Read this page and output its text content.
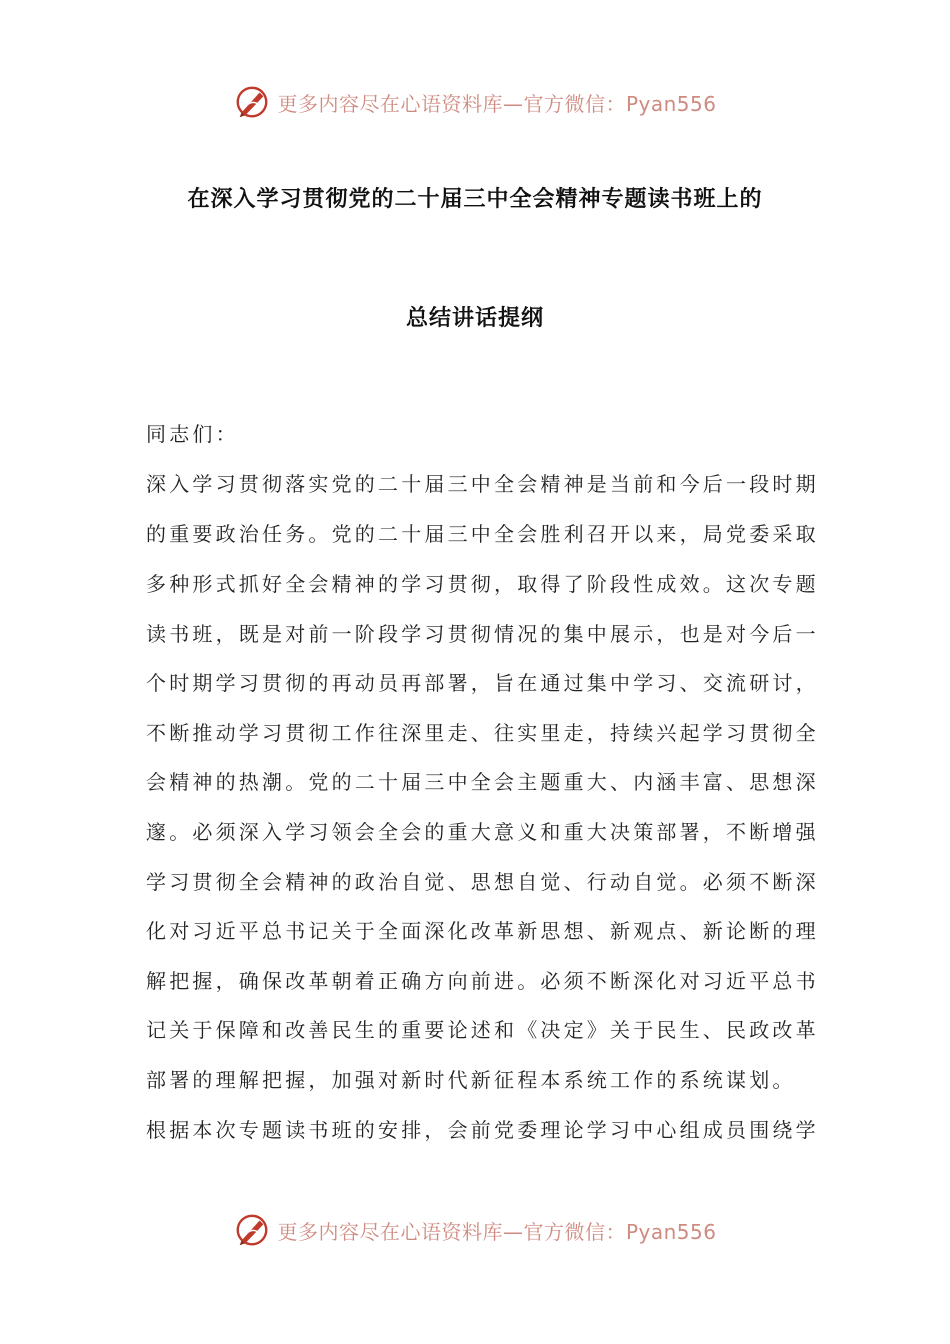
更多内容尽在心语资料库—官方微信：Pyan556
在深入学习贯彻党的二十届三中全会精神专题读书班上的
总结讲话提纲
同志们：
深入学习贯彻落实党的二十届三中全会精神是当前和今后一段时期
的重要政治任务。党的二十届三中全会胜利召开以来，局党委采取
多种形式抓好全会精神的学习贯彻，取得了阶段性成效。这次专题
读书班，既是对前一阶段学习贯彻情况的集中展示，也是对今后一
个时期学习贯彻的再动员再部署，旨在通过集中学习、交流研讨，
不断推动学习贯彻工作往深里走、往实里走，持续兴起学习贯彻全
会精神的热潮。党的二十届三中全会主题重大、内涵丰富、思想深
邃。必须深入学习领会全会的重大意义和重大决策部署，不断增强
学习贯彻全会精神的政治自觉、思想自觉、行动自觉。必须不断深
化对习近平总书记关于全面深化改革新思想、新观点、新论断的理
解把握，确保改革朝着正确方向前进。必须不断深化对习近平总书
记关于保障和改善民生的重要论述和《决定》关于民生、民政改革
部署的理解把握，加强对新时代新征程本系统工作的系统谋划。
根据本次专题读书班的安排，会前党委理论学习中心组成员围绕学
更多内容尽在心语资料库—官方微信：Pyan556
